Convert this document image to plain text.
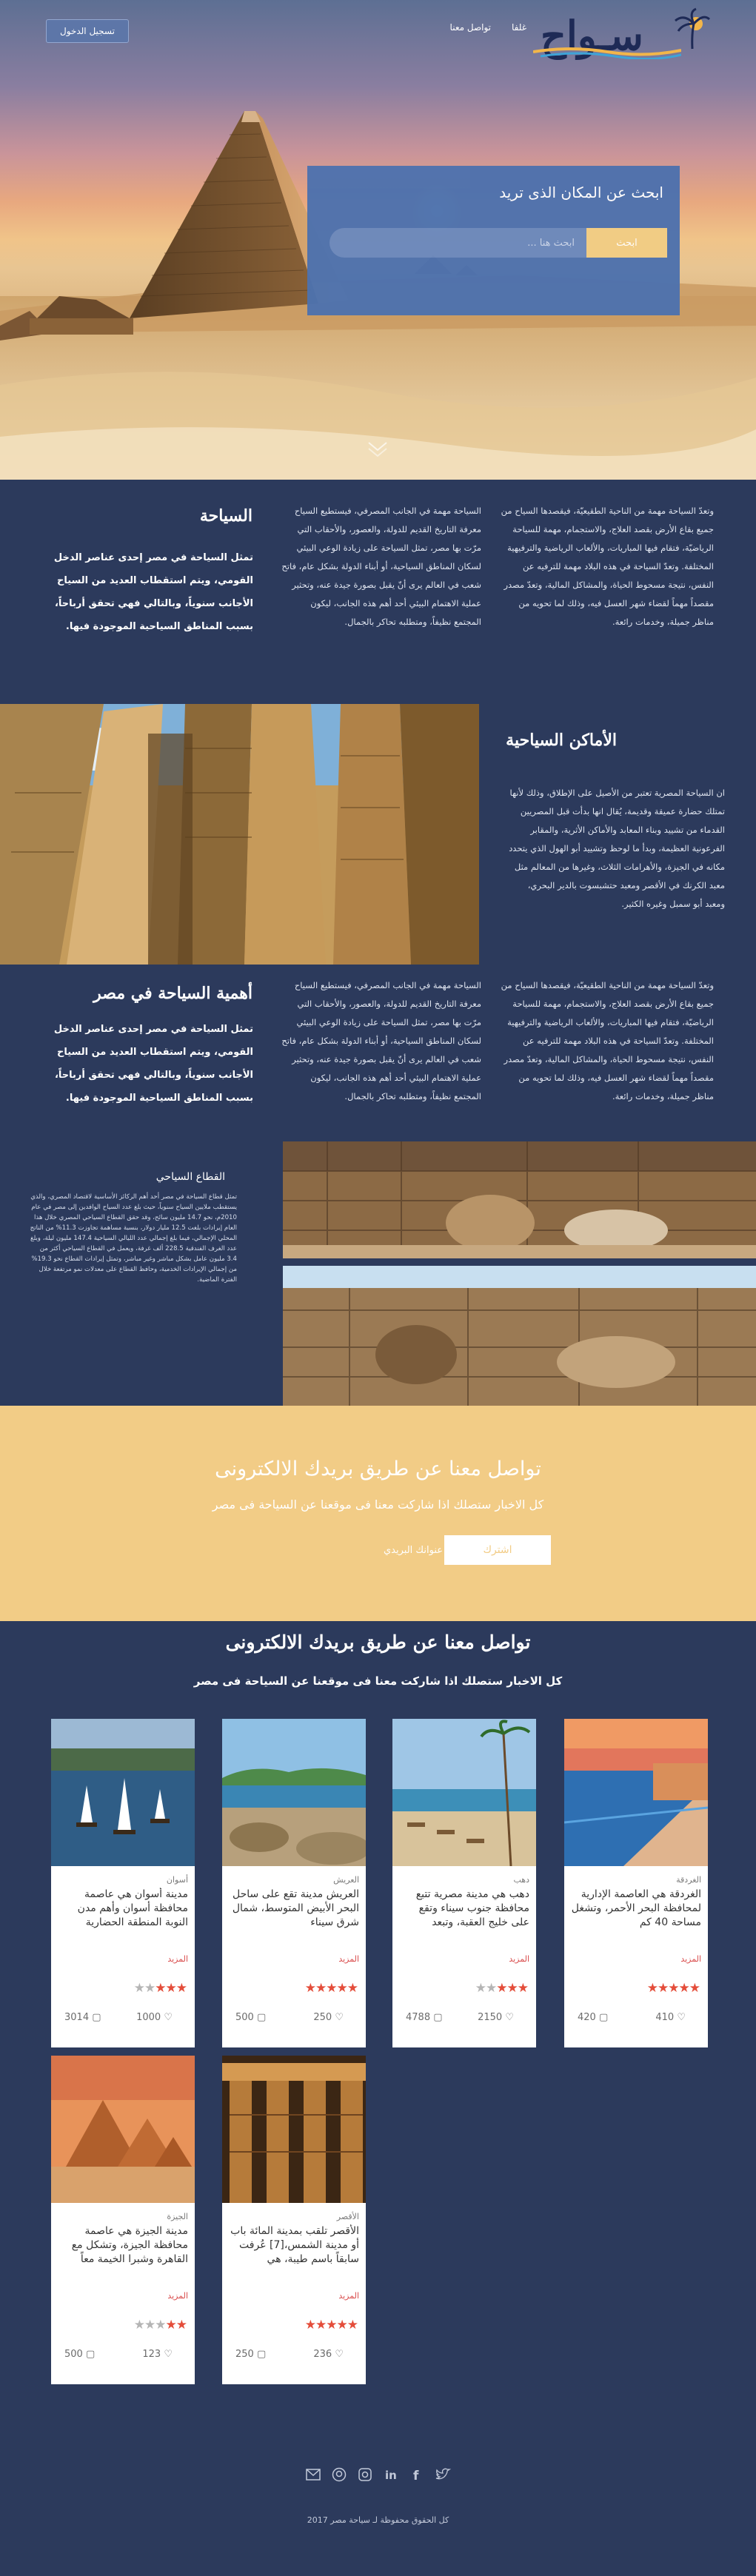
سـواح
غلفا
تواصل معنا
تسجيل الدخول
ابحث عن المكان الذى تريد
ابحث هنا ...
ابحث
وتعدّ السياحة مهمة من الناحية الطقيعيّة، فيقصدها السياح من جميع بقاع الأرض بقصد العلاج، والاستجمام، مهمة للسياحة الرياضيّة، فتقام فيها المباريات، والألعاب الرياضية والترفيهية المختلفة. وتعدّ السياحة في هذه البلاد مهمة للترفيه عن النفس، نتيجة مسحوط الحياة، والمشاكل المالية، وتعدّ مصدر مقصداً مهماً لقضاء شهر العسل فيه، وذلك لما تحويه من مناظر جميلة، وخدمات رائعة.
السياحة مهمة في الجانب المصرفي، فيستطيع السياح معرفة التاريخ القديم للدولة، والعصور، والأحقاب التي مرّت بها مصر، تمثل السياحة على زيادة الوعي البيئي لسكان المناطق السياحية، أو أبناء الدولة بشكل عام، فاتح شعب في العالم يرى أنّ يقبل بصورة جيدة عنه، وتحثير عملية الاهتمام البيئي أحد أهم هذه الجانب، ليكون المجتمع نظيفاً، ومتطلبه تحاكر بالجمال.
السياحة

تمثل السياحة في مصر إحدى عناصر الدخل القومي، ويتم استقطاب العديد من السياح الأجانب سنوياً، وبالتالي فهي تحقق أرباحاً، بسبب المناطق السياحية الموجودة فيها.

الأماكن السياحية
ان السياحة المصرية تعتبر من الأصيل على الإطلاق، وذلك لأنها تمتلك حضارة عميقة وقديمة، يُقال انها بدأت قبل المصريين القدماء من تشييد وبناء المعابد والأماكن الأثرية، والمقابر الفرعونية العظيمة، وبدأ ما لوحظ وتشييد أبو الهول الذي يتحدد مكانه في الجيزة، والأهرامات الثلاث، وغيرها من المعالم مثل معبد الكرنك في الأقصر ومعبد حتشبسوت بالدير البحري، ومعبد أبو سمبل وغيره الكثير.
وتعدّ السياحة مهمة من الناحية الطقيعيّة، فيقصدها السياح من جميع بقاع الأرض بقصد العلاج، والاستجمام، مهمة للسياحة الرياضيّة، فتقام فيها المباريات، والألعاب الرياضية والترفيهية المختلفة. وتعدّ السياحة في هذه البلاد مهمة للترفيه عن النفس، نتيجة مسحوط الحياة، والمشاكل المالية، وتعدّ مصدر مقصداً مهماً لقضاء شهر العسل فيه، وذلك لما تحويه من مناظر جميلة، وخدمات رائعة.
السياحة مهمة في الجانب المصرفي، فيستطيع السياح معرفة التاريخ القديم للدولة، والعصور، والأحقاب التي مرّت بها مصر، تمثل السياحة على زيادة الوعي البيئي لسكان المناطق السياحية، أو أبناء الدولة بشكل عام، فاتح شعب في العالم يرى أنّ يقبل بصورة جيدة عنه، وتحثير عملية الاهتمام البيئي أحد أهم هذه الجانب، ليكون المجتمع نظيفاً، ومتطلبه تحاكر بالجمال.
أهمية السياحة في مصر

تمثل السياحة في مصر إحدى عناصر الدخل القومي، ويتم استقطاب العديد من السياح الأجانب سنوياً، وبالتالي فهي تحقق أرباحاً، بسبب المناطق السياحية الموجودة فيها.

القطاع السياحي

تمثل قطاع السياحة في مصر أحد أهم الركائز الأساسية لاقتصاد المصري، والذي يستقطب ملايين السياح سنوياً، حيث بلغ عدد السياح الوافدين إلى مصر في عام 2010م، نحو 14.7 مليون سائح، وقد حقق القطاع السياحي المصري خلال هذا العام إيرادات بلغت 12.5 مليار دولار، بنسبة مساهمة تجاوزت 11.3% من الناتج المحلي الإجمالي، فيما بلغ إجمالي عدد الليالي السياحية 147.4 مليون ليلة، وبلغ عدد الغرف الفندقية 228.5 ألف غرفة، ويعمل في القطاع السياحي أكثر من 3.4 مليون عامل بشكل مباشر وغير مباشر، وتمثل إيرادات القطاع نحو 19.3% من إجمالي الإيرادات الخدمية، وحافظ القطاع على معدلات نمو مرتفعة خلال الفترة الماضية.

تواصل معنا عن طريق بريدك الالكترونى

كل الاخبار ستصلك اذا شاركت معنا فى موقعنا عن السياحة فى مصر

عنوانك البريدي
اشترك
تواصل معنا عن طريق بريدك الالكترونى

كل الاخبار ستصلك اذا شاركت معنا فى موقعنا عن السياحة فى مصر

الغردقة
الغردقة هي العاصمة الإدارية لمحافظة البحر الأحمر، وتشغل مساحة 40 كم
المزيد
★★★★★
410 ♡
420 ▢
دهب
دهب هي مدينة مصرية تتبع محافظة جنوب سيناء وتقع على خليج العقبة، وتبعد
المزيد
★★★★★
2150 ♡
4788 ▢
العريش
العريش مدينة تقع على ساحل البحر الأبيض المتوسط، شمال شرق سيناء
المزيد
★★★★★
250 ♡
500 ▢
أسوان
مدينة أسوان هي عاصمة محافظة أسوان وأهم مدن النوبة المنطقة الحضارية
المزيد
★★★★★
1000 ♡
3014 ▢
الأقصر
الأقصر تلقب بمدينة المائة باب أو مدينة الشمس،[7] عُرفت سابقاً باسم طيبة، هي
المزيد
★★★★★
236 ♡
250 ▢
الجيزة
مدينة الجيزة هي عاصمة محافظة الجيزة، وتشكل مع القاهرة وشبرا الخيمة معاً
المزيد
★★★★★
123 ♡
500 ▢
in f

كل الحقوق محفوظة لـ سياحة مصر 2017
